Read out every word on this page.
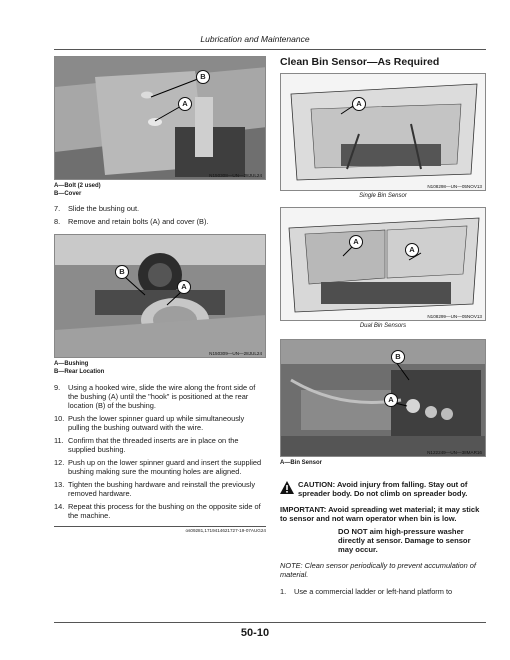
Lubrication and Maintenance
B
A
N150308—UN—28JUL24
A—Bolt (2 used)
B—Cover
7.	Slide the bushing out.
8.	Remove and retain bolts (A) and cover (B).
B
A
N150309—UN—28JUL24
A—Bushing
B—Rear Location
9.	Using a hooked wire, slide the wire along the front side of the bushing (A) until the "hook" is positioned at the rear location (B) of the bushing.
10. Push the lower spinner guard up while simultaneously pulling the bushing outward with the wire.
11. Confirm that the threaded inserts are in place on the supplied bushing.
12. Push up on the lower spinner guard and insert the supplied bushing making sure the mounting holes are aligned.
13. Tighten the bushing hardware and reinstall the previously removed hardware.
14. Repeat this process for the bushing on the opposite side of the machine.
os09281,1719414621727-19-07AUG24
Clean Bin Sensor—As Required
A
N108298—UN—05NOV13
Single Bin Sensor
A
A
N108299—UN—05NOV13
Dual Bin Sensors
B
A
N122249—UN—38MAR16
A—Bin Sensor
CAUTION: Avoid injury from falling. Stay out of spreader body. Do not climb on spreader body.
IMPORTANT: Avoid spreading wet material; it may stick to sensor and not warn operator when bin is low.
DO NOT aim high-pressure washer directly at sensor. Damage to sensor may occur.
NOTE: Clean sensor periodically to prevent accumulation of material.
1.	Use a commercial ladder or left-hand platform to
50-10
